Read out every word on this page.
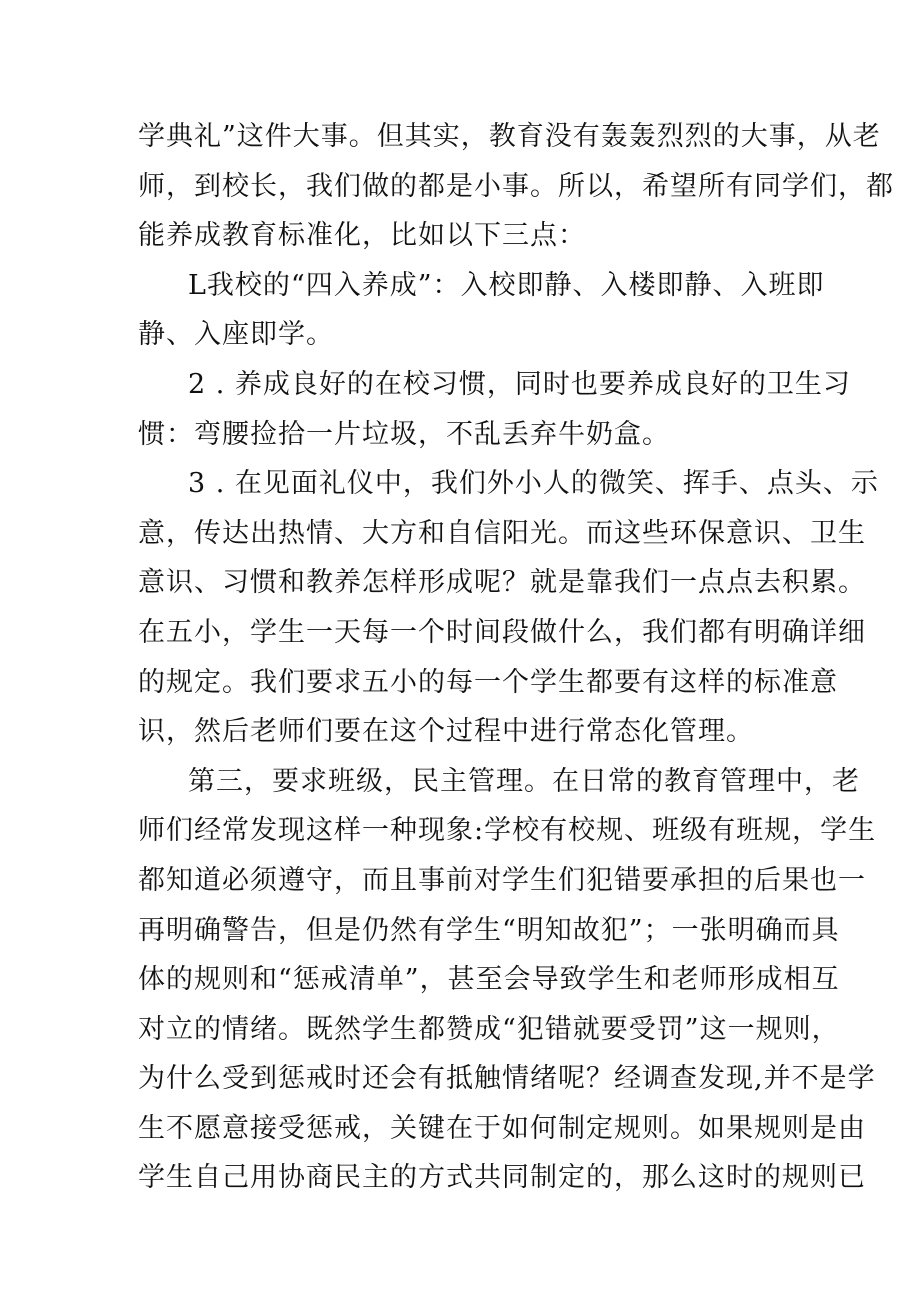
学典礼”这件大事。但其实，教育没有轰轰烈烈的大事，从老
师，到校长，我们做的都是小事。所以，希望所有同学们，都
能养成教育标准化，比如以下三点：
L我校的“四入养成”：入校即静、入楼即静、入班即
静、入座即学。
2 . 养成良好的在校习惯，同时也要养成良好的卫生习
惯：弯腰捡拾一片垃圾，不乱丢弃牛奶盒。
3 . 在见面礼仪中，我们外小人的微笑、挥手、点头、示
意，传达出热情、大方和自信阳光。而这些环保意识、卫生
意识、习惯和教养怎样形成呢？就是靠我们一点点去积累。
在五小，学生一天每一个时间段做什么，我们都有明确详细
的规定。我们要求五小的每一个学生都要有这样的标准意
识，然后老师们要在这个过程中进行常态化管理。
第三，要求班级，民主管理。在日常的教育管理中，老
师们经常发现这样一种现象:学校有校规、班级有班规，学生
都知道必须遵守，而且事前对学生们犯错要承担的后果也一
再明确警告，但是仍然有学生“明知故犯”；一张明确而具
体的规则和“惩戒清单”，甚至会导致学生和老师形成相互
对立的情绪。既然学生都赞成“犯错就要受罚”这一规则，
为什么受到惩戒时还会有抵触情绪呢？经调查发现,并不是学
生不愿意接受惩戒，关键在于如何制定规则。如果规则是由
学生自己用协商民主的方式共同制定的，那么这时的规则已
